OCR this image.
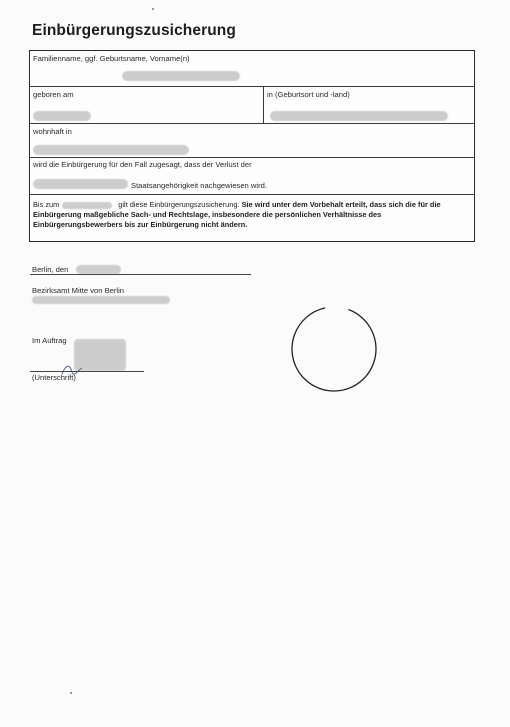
Einbürgerungszusicherung
Familienname, ggf. Geburtsname, Vorname(n)
geboren am	in (Geburtsort und -land)
wohnhaft in
wird die Einbürgerung für den Fall zugesagt, dass der Verlust der
Staatsangehörigkeit nachgewiesen wird.
Bis zum	gilt diese Einbürgerungszusicherung. Sie wird unter dem Vorbehalt erteilt, dass sich die für die Einbürgerung maßgebliche Sach- und Rechtslage, insbesondere die persönlichen Verhältnisse des Einbürgerungsbewerbers bis zur Einbürgerung nicht ändern.
Berlin, den
Bezirksamt Mitte von Berlin
Im Auftrag
(Unterschrift)
